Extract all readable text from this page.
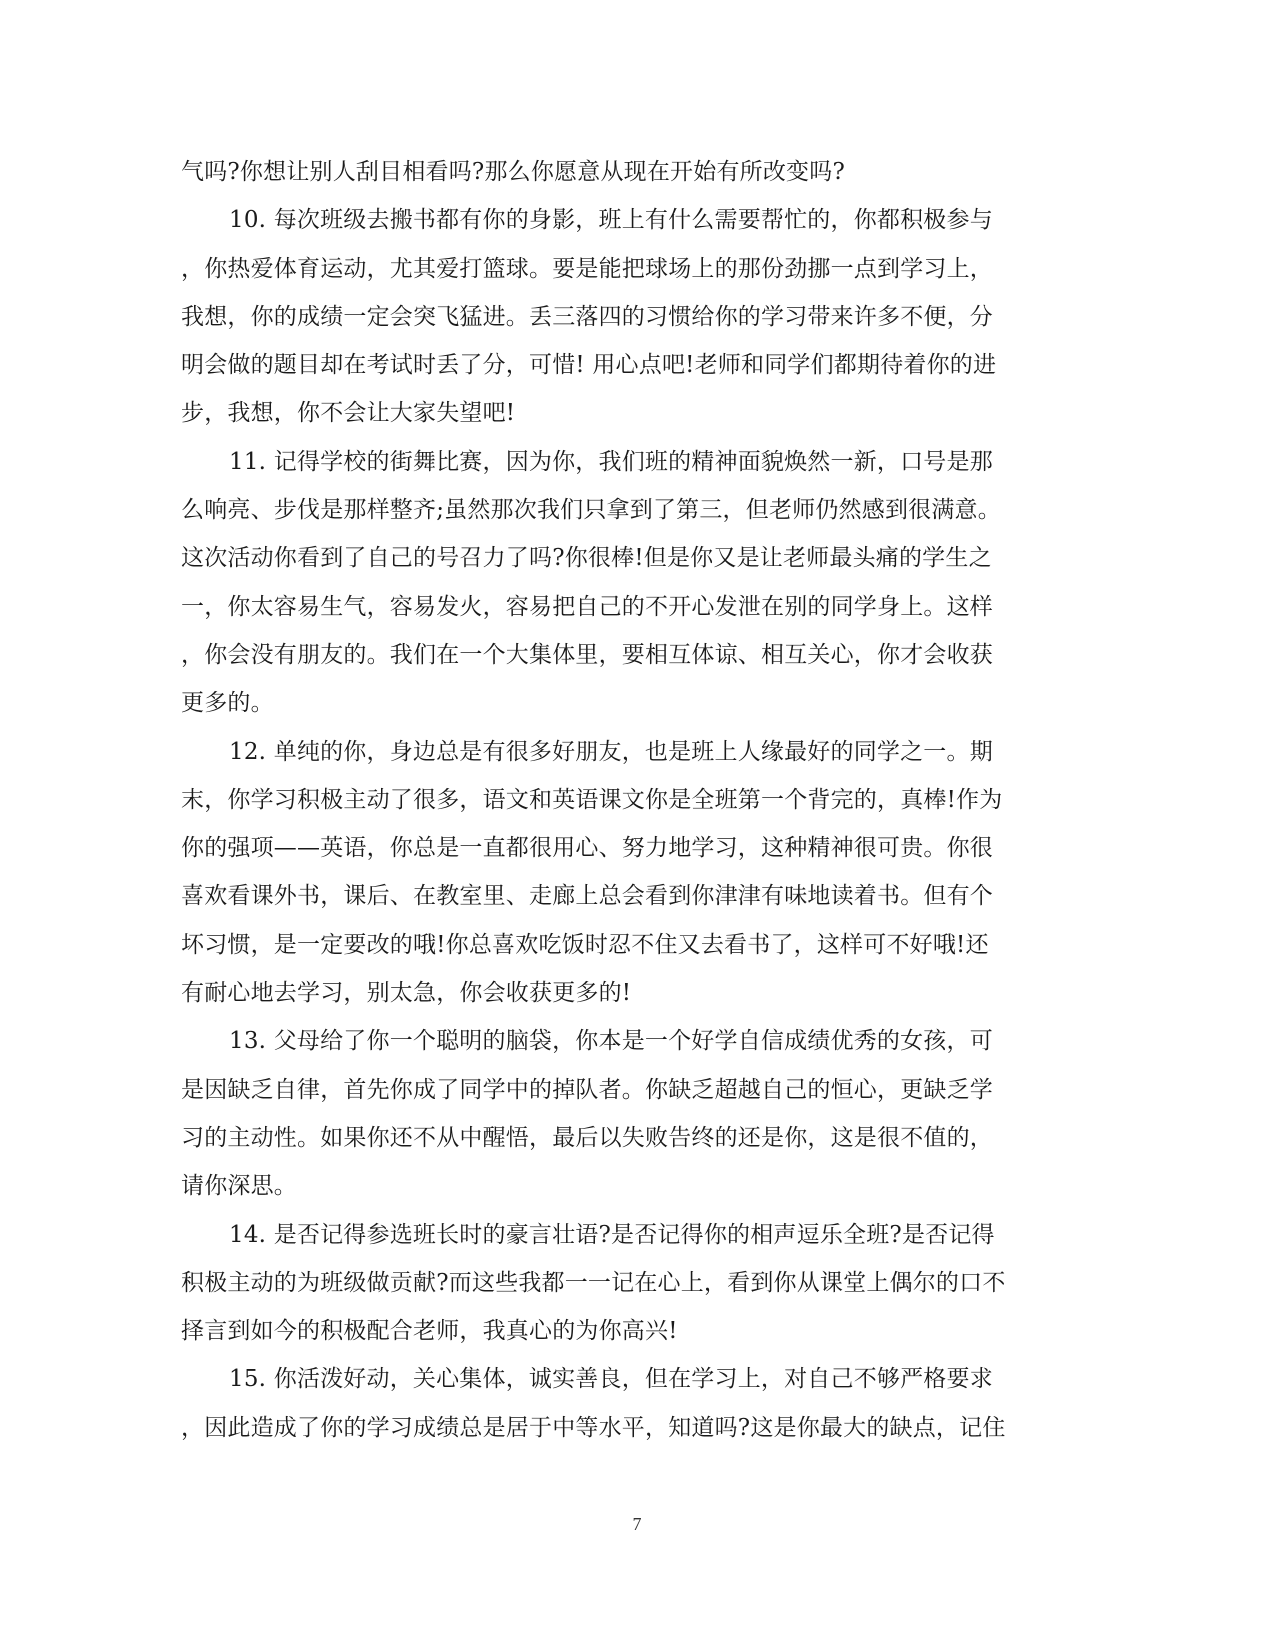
气吗?你想让别人刮目相看吗?那么你愿意从现在开始有所改变吗?
10. 每次班级去搬书都有你的身影，班上有什么需要帮忙的，你都积极参与
，你热爱体育运动，尤其爱打篮球。要是能把球场上的那份劲挪一点到学习上，
我想，你的成绩一定会突飞猛进。丢三落四的习惯给你的学习带来许多不便，分
明会做的题目却在考试时丢了分，可惜! 用心点吧!老师和同学们都期待着你的进
步，我想，你不会让大家失望吧!
11. 记得学校的街舞比赛，因为你，我们班的精神面貌焕然一新，口号是那
么响亮、步伐是那样整齐;虽然那次我们只拿到了第三，但老师仍然感到很满意。
这次活动你看到了自己的号召力了吗?你很棒!但是你又是让老师最头痛的学生之
一，你太容易生气，容易发火，容易把自己的不开心发泄在别的同学身上。这样
，你会没有朋友的。我们在一个大集体里，要相互体谅、相互关心，你才会收获
更多的。
12. 单纯的你，身边总是有很多好朋友，也是班上人缘最好的同学之一。期
末，你学习积极主动了很多，语文和英语课文你是全班第一个背完的，真棒!作为
你的强项——英语，你总是一直都很用心、努力地学习，这种精神很可贵。你很
喜欢看课外书，课后、在教室里、走廊上总会看到你津津有味地读着书。但有个
坏习惯，是一定要改的哦!你总喜欢吃饭时忍不住又去看书了，这样可不好哦!还
有耐心地去学习，别太急，你会收获更多的!
13. 父母给了你一个聪明的脑袋，你本是一个好学自信成绩优秀的女孩，可
是因缺乏自律，首先你成了同学中的掉队者。你缺乏超越自己的恒心，更缺乏学
习的主动性。如果你还不从中醒悟，最后以失败告终的还是你，这是很不值的，
请你深思。
14. 是否记得参选班长时的豪言壮语?是否记得你的相声逗乐全班?是否记得
积极主动的为班级做贡献?而这些我都一一记在心上，看到你从课堂上偶尔的口不
择言到如今的积极配合老师，我真心的为你高兴!
15. 你活泼好动，关心集体，诚实善良，但在学习上，对自己不够严格要求
，因此造成了你的学习成绩总是居于中等水平，知道吗?这是你最大的缺点，记住
7
